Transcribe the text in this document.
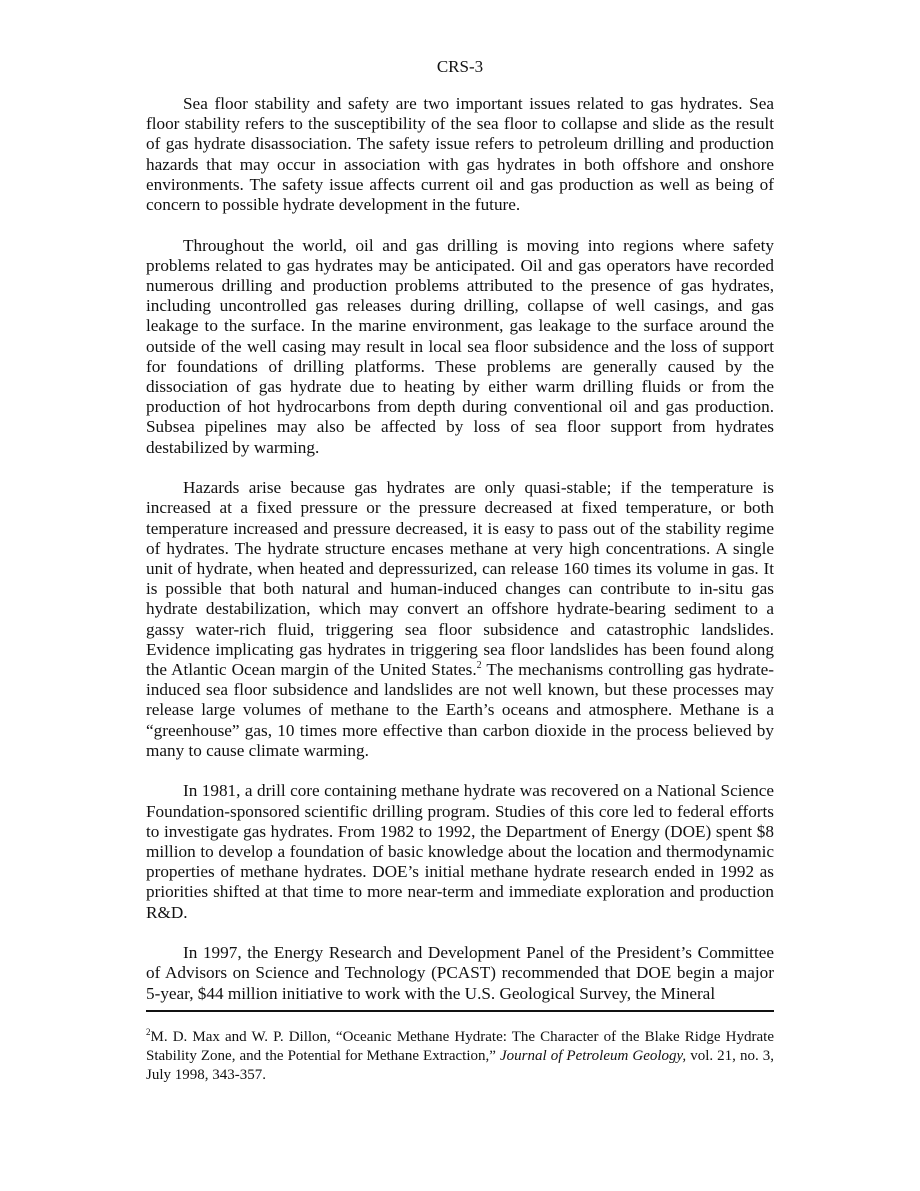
CRS-3

Sea floor stability and safety are two important issues related to gas hydrates. Sea floor stability refers to the susceptibility of the sea floor to collapse and slide as the result of gas hydrate disassociation. The safety issue refers to petroleum drilling and production hazards that may occur in association with gas hydrates in both offshore and onshore environments. The safety issue affects current oil and gas production as well as being of concern to possible hydrate development in the future.

Throughout the world, oil and gas drilling is moving into regions where safety problems related to gas hydrates may be anticipated. Oil and gas operators have recorded numerous drilling and production problems attributed to the presence of gas hydrates, including uncontrolled gas releases during drilling, collapse of well casings, and gas leakage to the surface. In the marine environment, gas leakage to the surface around the outside of the well casing may result in local sea floor subsidence and the loss of support for foundations of drilling platforms. These problems are generally caused by the dissociation of gas hydrate due to heating by either warm drilling fluids or from the production of hot hydrocarbons from depth during conventional oil and gas production. Subsea pipelines may also be affected by loss of sea floor support from hydrates destabilized by warming.

Hazards arise because gas hydrates are only quasi-stable; if the temperature is increased at a fixed pressure or the pressure decreased at fixed temperature, or both temperature increased and pressure decreased, it is easy to pass out of the stability regime of hydrates. The hydrate structure encases methane at very high concentrations. A single unit of hydrate, when heated and depressurized, can release 160 times its volume in gas. It is possible that both natural and human-induced changes can contribute to in-situ gas hydrate destabilization, which may convert an offshore hydrate-bearing sediment to a gassy water-rich fluid, triggering sea floor subsidence and catastrophic landslides. Evidence implicating gas hydrates in triggering sea floor landslides has been found along the Atlantic Ocean margin of the United States.$^2$ The mechanisms controlling gas hydrate-induced sea floor subsidence and landslides are not well known, but these processes may release large volumes of methane to the Earth’s oceans and atmosphere. Methane is a “greenhouse” gas, 10 times more effective than carbon dioxide in the process believed by many to cause climate warming.

In 1981, a drill core containing methane hydrate was recovered on a National Science Foundation-sponsored scientific drilling program. Studies of this core led to federal efforts to investigate gas hydrates. From 1982 to 1992, the Department of Energy (DOE) spent $8 million to develop a foundation of basic knowledge about the location and thermodynamic properties of methane hydrates. DOE’s initial methane hydrate research ended in 1992 as priorities shifted at that time to more near-term and immediate exploration and production R&D.

In 1997, the Energy Research and Development Panel of the President’s Committee of Advisors on Science and Technology (PCAST) recommended that DOE begin a major 5-year, $44 million initiative to work with the U.S. Geological Survey, the Mineral

$^2$M. D. Max and W. P. Dillon, “Oceanic Methane Hydrate: The Character of the Blake Ridge Hydrate Stability Zone, and the Potential for Methane Extraction,” Journal of Petroleum Geology, vol. 21, no. 3, July 1998, 343-357.
